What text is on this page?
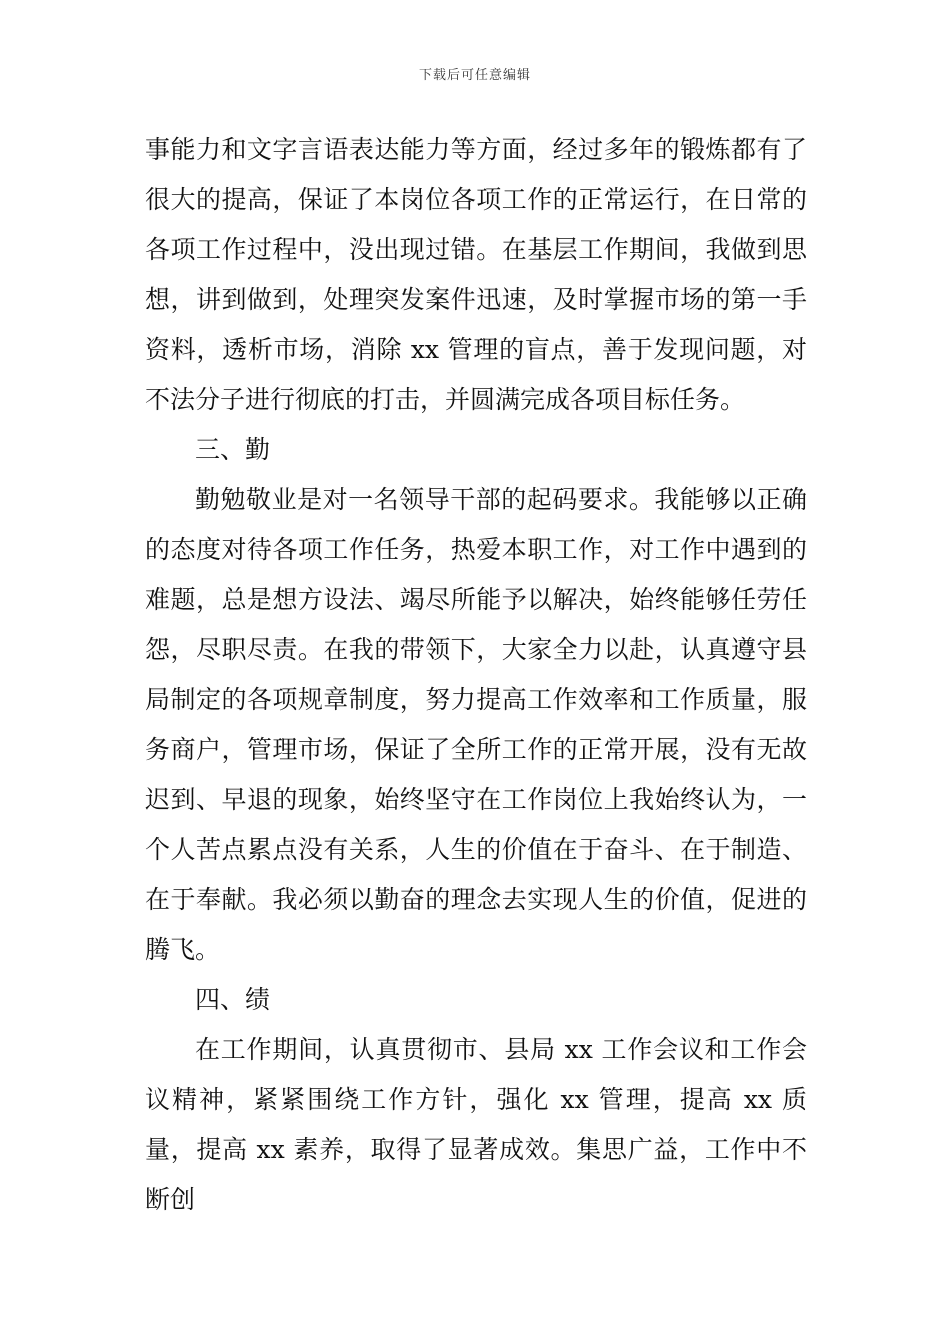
下载后可任意编辑

事能力和文字言语表达能力等方面，经过多年的锻炼都有了很大的提高，保证了本岗位各项工作的正常运行，在日常的各项工作过程中，没出现过错。在基层工作期间，我做到思想，讲到做到，处理突发案件迅速，及时掌握市场的第一手资料，透析市场，消除 xx 管理的盲点，善于发现问题，对不法分子进行彻底的打击，并圆满完成各项目标任务。

三、勤

勤勉敬业是对一名领导干部的起码要求。我能够以正确的态度对待各项工作任务，热爱本职工作，对工作中遇到的难题，总是想方设法、竭尽所能予以解决，始终能够任劳任怨，尽职尽责。在我的带领下，大家全力以赴，认真遵守县局制定的各项规章制度，努力提高工作效率和工作质量，服务商户，管理市场，保证了全所工作的正常开展，没有无故迟到、早退的现象，始终坚守在工作岗位上我始终认为，一个人苦点累点没有关系，人生的价值在于奋斗、在于制造、在于奉献。我必须以勤奋的理念去实现人生的价值，促进的腾飞。

四、绩

在工作期间，认真贯彻市、县局 xx 工作会议和工作会议精神，紧紧围绕工作方针，强化 xx 管理，提高 xx 质量，提高 xx 素养，取得了显著成效。集思广益，工作中不断创
